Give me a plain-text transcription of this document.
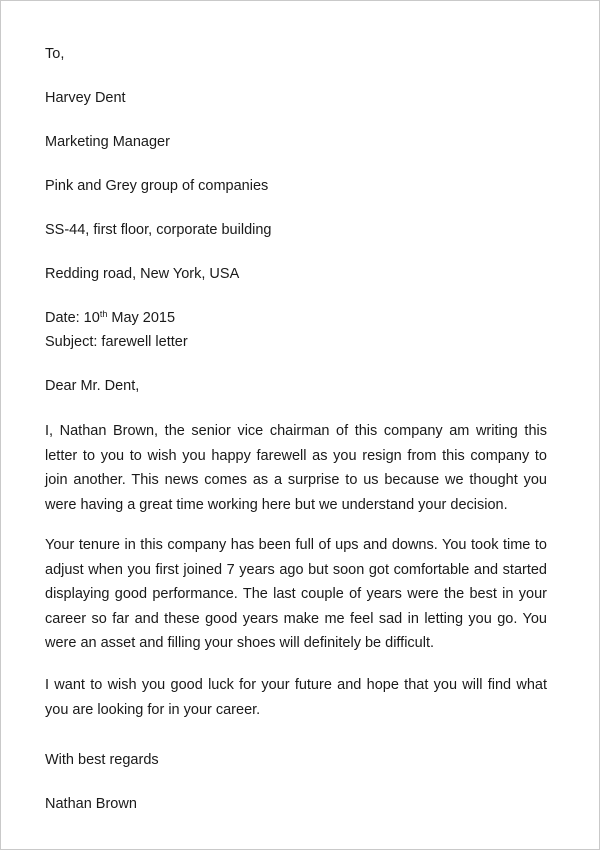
To,
Harvey Dent
Marketing Manager
Pink and Grey group of companies
SS-44, first floor, corporate building
Redding road, New York, USA
Date: 10th May 2015
Subject: farewell letter
Dear Mr. Dent,
I, Nathan Brown, the senior vice chairman of this company am writing this letter to you to wish you happy farewell as you resign from this company to join another. This news comes as a surprise to us because we thought you were having a great time working here but we understand your decision.
Your tenure in this company has been full of ups and downs. You took time to adjust when you first joined 7 years ago but soon got comfortable and started displaying good performance. The last couple of years were the best in your career so far and these good years make me feel sad in letting you go. You were an asset and filling your shoes will definitely be difficult.
I want to wish you good luck for your future and hope that you will find what you are looking for in your career.
With best regards
Nathan Brown
